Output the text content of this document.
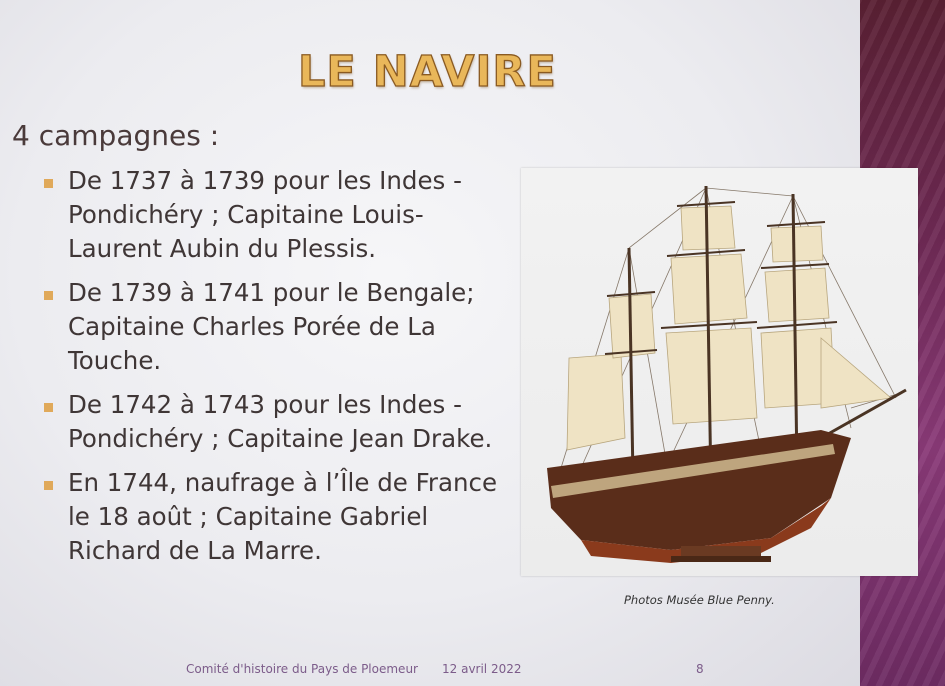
LE NAVIRE
4 campagnes :
De 1737 à 1739 pour les Indes - Pondichéry ; Capitaine Louis-Laurent Aubin du Plessis.
De 1739 à 1741 pour le Bengale; Capitaine Charles Porée de La Touche.
De 1742 à 1743 pour les Indes - Pondichéry ; Capitaine Jean Drake.
En 1744, naufrage à l’Île de France le 18 août ; Capitaine Gabriel Richard de La Marre.
Photos Musée Blue Penny.
Comité d'histoire du Pays de Ploemeur 12 avril 2022	8
